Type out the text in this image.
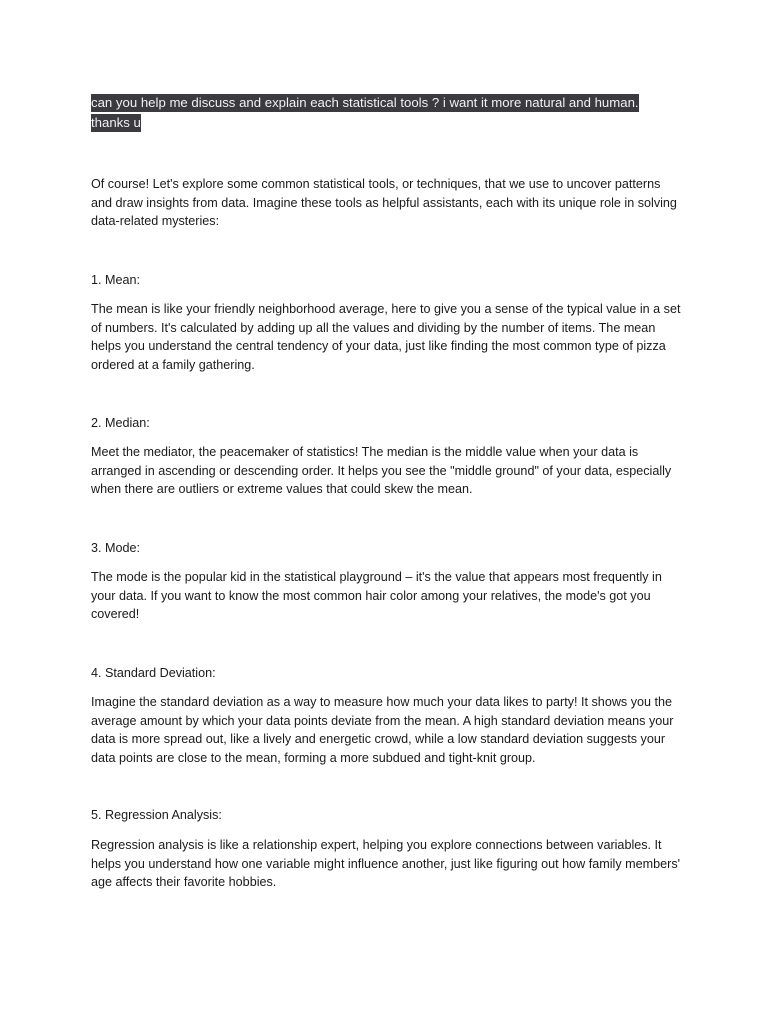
can you help me discuss and explain each statistical tools ? i want it more natural and human. thanks u

Of course! Let's explore some common statistical tools, or techniques, that we use to uncover patterns and draw insights from data. Imagine these tools as helpful assistants, each with its unique role in solving data-related mysteries:

1. Mean:

The mean is like your friendly neighborhood average, here to give you a sense of the typical value in a set of numbers. It's calculated by adding up all the values and dividing by the number of items. The mean helps you understand the central tendency of your data, just like finding the most common type of pizza ordered at a family gathering.

2. Median:

Meet the mediator, the peacemaker of statistics! The median is the middle value when your data is arranged in ascending or descending order. It helps you see the "middle ground" of your data, especially when there are outliers or extreme values that could skew the mean.

3. Mode:

The mode is the popular kid in the statistical playground – it's the value that appears most frequently in your data. If you want to know the most common hair color among your relatives, the mode's got you covered!

4. Standard Deviation:

Imagine the standard deviation as a way to measure how much your data likes to party! It shows you the average amount by which your data points deviate from the mean. A high standard deviation means your data is more spread out, like a lively and energetic crowd, while a low standard deviation suggests your data points are close to the mean, forming a more subdued and tight-knit group.

5. Regression Analysis:

Regression analysis is like a relationship expert, helping you explore connections between variables. It helps you understand how one variable might influence another, just like figuring out how family members' age affects their favorite hobbies.
